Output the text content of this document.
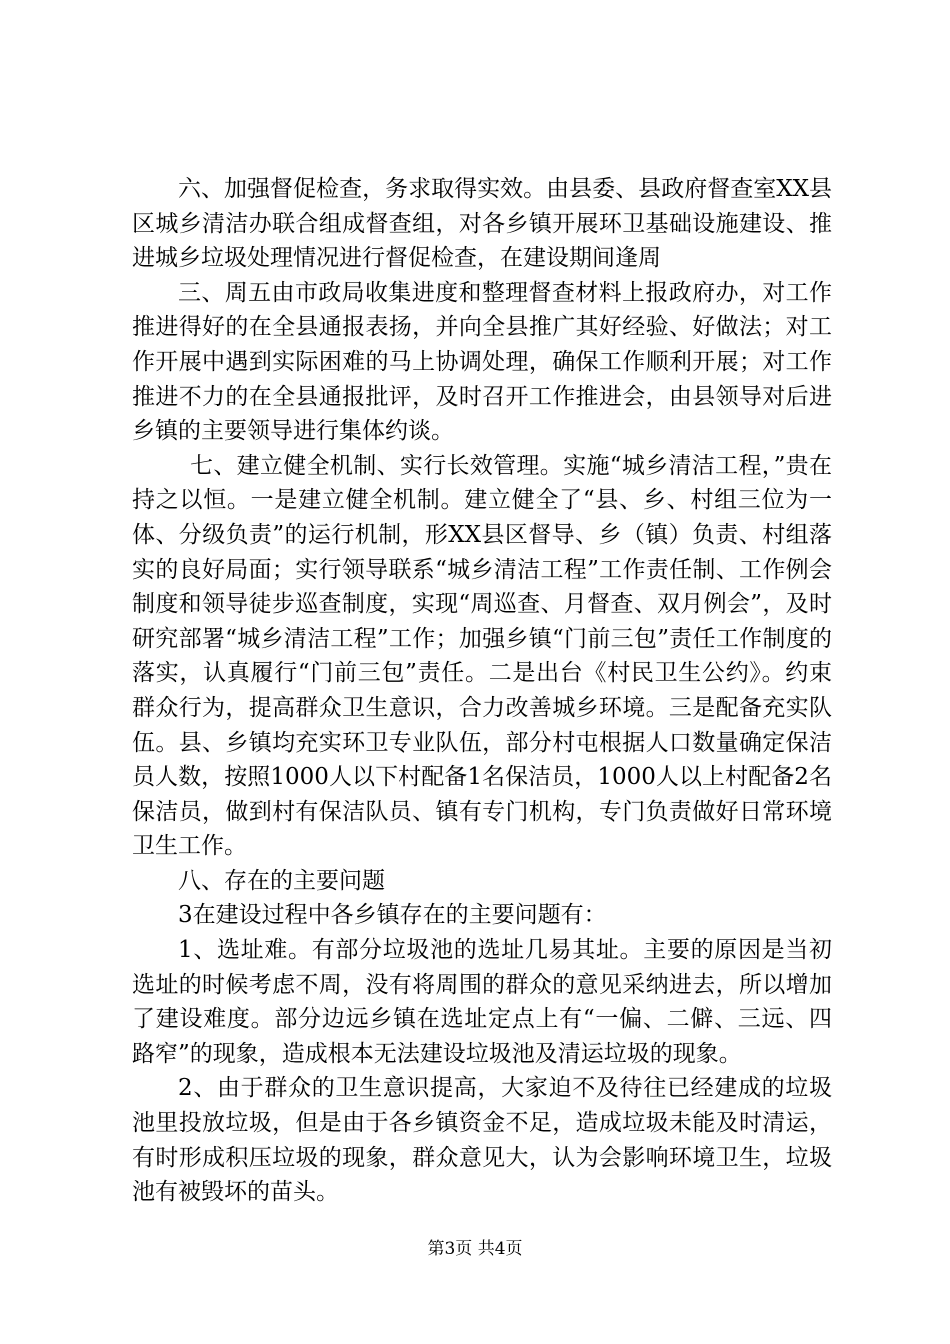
六、加强督促检查，务求取得实效。由县委、县政府督查室XX县区城乡清洁办联合组成督查组，对各乡镇开展环卫基础设施建设、推进城乡垃圾处理情况进行督促检查，在建设期间逢周

三、周五由市政局收集进度和整理督查材料上报政府办，对工作推进得好的在全县通报表扬，并向全县推广其好经验、好做法；对工作开展中遇到实际困难的马上协调处理，确保工作顺利开展；对工作推进不力的在全县通报批评，及时召开工作推进会，由县领导对后进乡镇的主要领导进行集体约谈。

七、建立健全机制、实行长效管理。实施“城乡清洁工程，”贵在持之以恒。一是建立健全机制。建立健全了“县、乡、村组三位为一体、分级负责”的运行机制，形XX县区督导、乡（镇）负责、村组落实的良好局面；实行领导联系“城乡清洁工程”工作责任制、工作例会制度和领导徒步巡查制度，实现“周巡查、月督查、双月例会”，及时研究部署“城乡清洁工程”工作；加强乡镇“门前三包”责任工作制度的落实，认真履行“门前三包”责任。二是出台《村民卫生公约》。约束群众行为，提高群众卫生意识，合力改善城乡环境。三是配备充实队伍。县、乡镇均充实环卫专业队伍，部分村屯根据人口数量确定保洁员人数，按照1000人以下村配备1名保洁员，1000人以上村配备2名保洁员，做到村有保洁队员、镇有专门机构，专门负责做好日常环境卫生工作。

八、存在的主要问题

3在建设过程中各乡镇存在的主要问题有：

1、选址难。有部分垃圾池的选址几易其址。主要的原因是当初选址的时候考虑不周，没有将周围的群众的意见采纳进去，所以增加了建设难度。部分边远乡镇在选址定点上有“一偏、二僻、三远、四路窄”的现象，造成根本无法建设垃圾池及清运垃圾的现象。

2、由于群众的卫生意识提高，大家迫不及待往已经建成的垃圾池里投放垃圾，但是由于各乡镇资金不足，造成垃圾未能及时清运，有时形成积压垃圾的现象，群众意见大，认为会影响环境卫生，垃圾池有被毁坏的苗头。

第3页 共4页
